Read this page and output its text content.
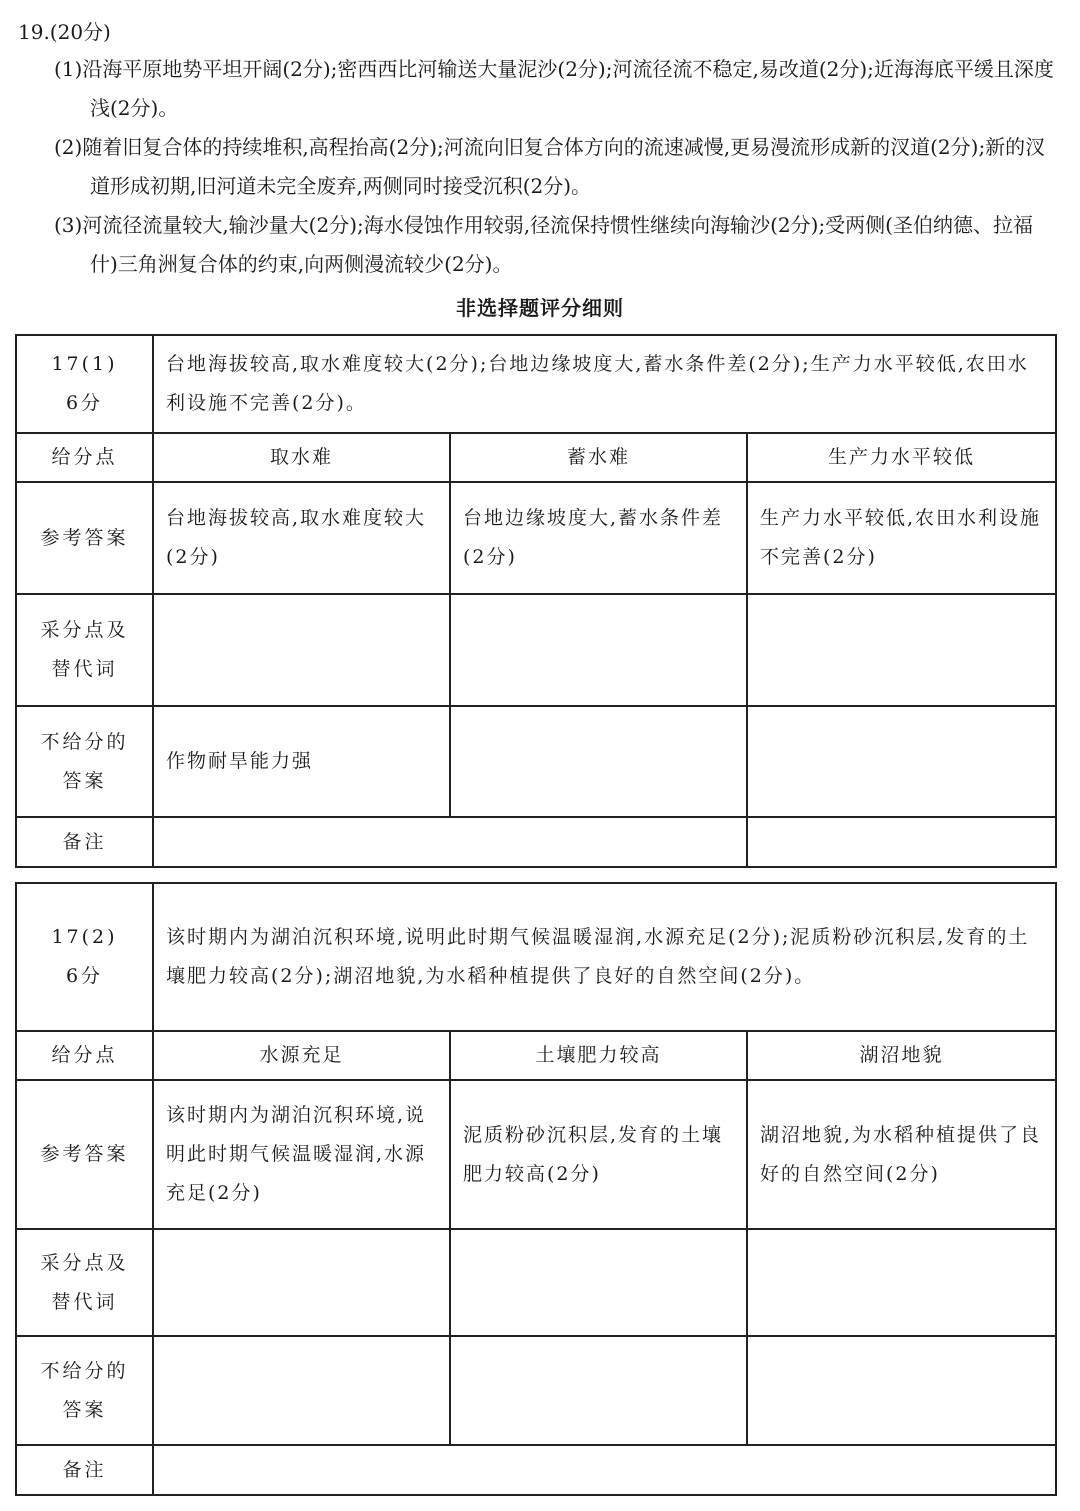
19.(20分)

(1)沿海平原地势平坦开阔(2分);密西西比河输送大量泥沙(2分);河流径流不稳定,易改道(2分);近海海底平缓且深度浅(2分)。

(2)随着旧复合体的持续堆积,高程抬高(2分);河流向旧复合体方向的流速减慢,更易漫流形成新的汊道(2分);新的汊道形成初期,旧河道未完全废弃,两侧同时接受沉积(2分)。

(3)河流径流量较大,输沙量大(2分);海水侵蚀作用较弱,径流保持惯性继续向海输沙(2分);受两侧(圣伯纳德、拉福什)三角洲复合体的约束,向两侧漫流较少(2分)。

非选择题评分细则
17(1)
6分	台地海拔较高,取水难度较大(2分);台地边缘坡度大,蓄水条件差(2分);生产力水平较低,农田水利设施不完善(2分)。		
给分点	取水难	蓄水难	生产力水平较低
参考答案	台地海拔较高,取水难度较大(2分)	台地边缘坡度大,蓄水条件差(2分)	生产力水平较低,农田水利设施不完善(2分)

采分点及替代词			

不给分的答案	作物耐旱能力强		
备注			
17(2)
6分	该时期内为湖泊沉积环境,说明此时期气候温暖湿润,水源充足(2分);泥质粉砂沉积层,发育的土壤肥力较高(2分);湖沼地貌,为水稻种植提供了良好的自然空间(2分)。		
给分点	水源充足	土壤肥力较高	湖沼地貌
参考答案	该时期内为湖泊沉积环境,说明此时期气候温暖湿润,水源充足(2分)	泥质粉砂沉积层,发育的土壤肥力较高(2分)	湖沼地貌,为水稻种植提供了良好的自然空间(2分)

采分点及替代词			

不给分的答案			

备注			
